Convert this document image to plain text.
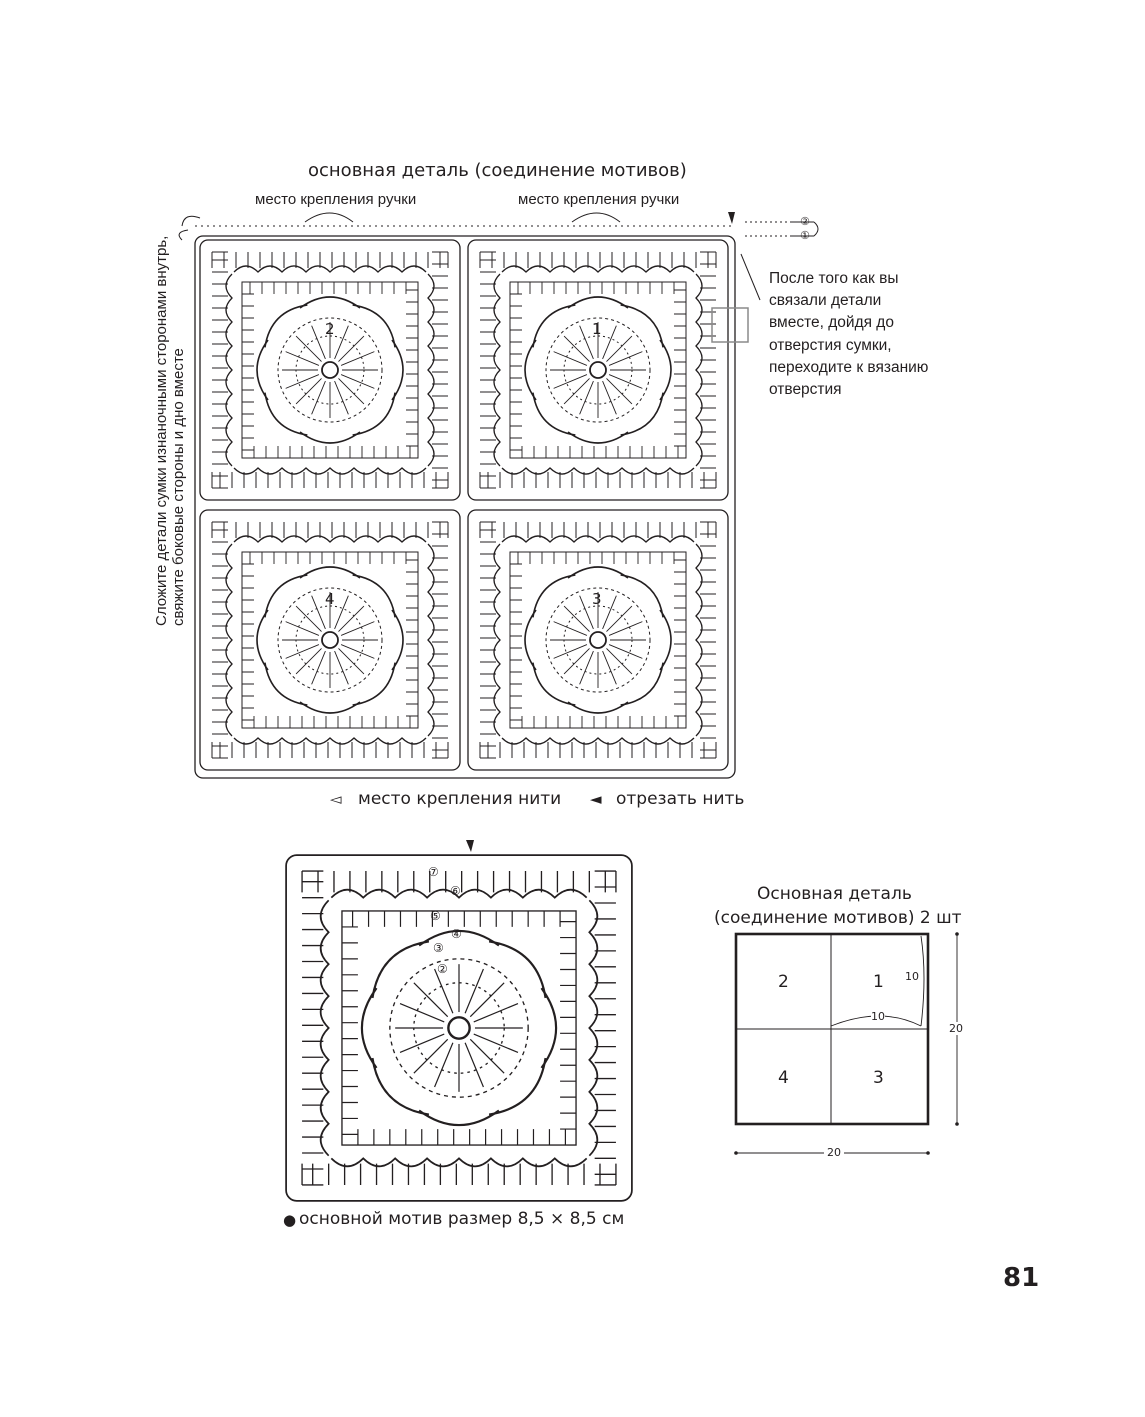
основная деталь (соединение мотивов)
место крепления ручки	место крепления ручки
2	1
4	3
②
①
После того как вы
связали детали
вместе, дойдя до
отверстия сумки,
переходите к вязанию
отверстия
Сложите детали сумки изнаночными сторонами внутрь, свяжите боковые стороны и дно вместе
◅ место крепления нити ◄ отрезать нить
⑦
⑥
⑤
④
③
②
● основной мотив размер 8,5 × 8,5 см
Основная деталь
(соединение мотивов) 2 шт
2	1
4	3
10
10
20
20
81
